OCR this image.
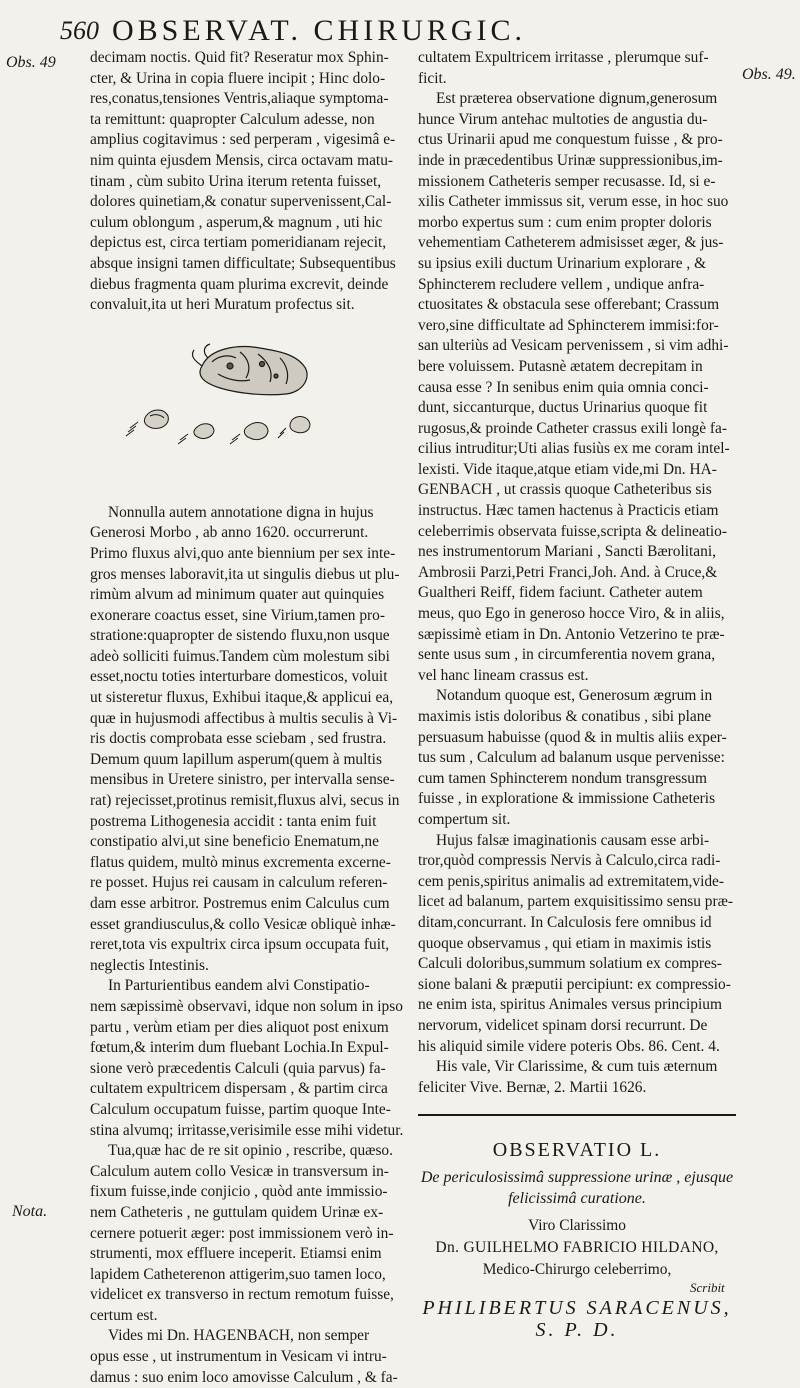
560 OBSERVAT. CHIRURGIC.
Obs. 49
Obs. 49.
Nota.

decimam noctis. Quid fit? Reseratur mox Sphin-
cter, & Urina in copia fluere incipit ; Hinc dolo-
res,conatus,tensiones Ventris,aliaque symptoma-
ta remittunt: quapropter Calculum adesse, non
amplius cogitavimus : sed perperam , vigesimâ e-
nim quinta ejusdem Mensis, circa octavam matu-
tinam , cùm subito Urina iterum retenta fuisset,
dolores quinetiam,& conatur supervenissent,Cal-
culum oblongum , asperum,& magnum , uti hic
depictus est, circa tertiam pomeridianam rejecit,
absque insigni tamen difficultate; Subsequentibus
diebus fragmenta quam plurima excrevit, deinde
convaluit,ita ut heri Muratum profectus sit.

Nonnulla autem annotatione digna in hujus
Generosi Morbo , ab anno 1620. occurrerunt.
Primo fluxus alvi,quo ante biennium per sex inte-
gros menses laboravit,ita ut singulis diebus ut plu-
rimùm alvum ad minimum quater aut quinquies
exonerare coactus esset, sine Virium,tamen pro-
stratione:quapropter de sistendo fluxu,non usque
adeò solliciti fuimus.Tandem cùm molestum sibi
esset,noctu toties interturbare domesticos, voluit
ut sisteretur fluxus, Exhibui itaque,& applicui ea,
quæ in hujusmodi affectibus à multis seculis à Vi-
ris doctis comprobata esse sciebam , sed frustra.
Demum quum lapillum asperum(quem à multis
mensibus in Uretere sinistro, per intervalla sense-
rat) rejecisset,protinus remisit,fluxus alvi, secus in
postrema Lithogenesia accidit : tanta enim fuit
constipatio alvi,ut sine beneficio Enematum,ne
flatus quidem, multò minus excrementa excerne-
re posset. Hujus rei causam in calculum referen-
dam esse arbitror. Postremus enim Calculus cum
esset grandiusculus,& collo Vesicæ obliquè inhæ-
reret,tota vis expultrix circa ipsum occupata fuit,
neglectis Intestinis.

In Parturientibus eandem alvi Constipatio-
nem sæpissimè observavi, idque non solum in ipso
partu , verùm etiam per dies aliquot post enixum
fœtum,& interim dum fluebant Lochia.In Expul-
sione verò præcedentis Calculi (quia parvus) fa-
cultatem expultricem dispersam , & partim circa
Calculum occupatum fuisse, partim quoque Inte-
stina alvumq; irritasse,verisimile esse mihi videtur.

Tua,quæ hac de re sit opinio , rescribe, quæso.
Calculum autem collo Vesicæ in transversum in-
fixum fuisse,inde conjicio , quòd ante immissio-
nem Catheteris , ne guttulam quidem Urinæ ex-
cernere potuerit æger: post immissionem verò in-
strumenti, mox effluere inceperit. Etiamsi enim
lapidem Catheterenon attigerim,suo tamen loco,
videlicet ex transverso in rectum remotum fuisse,
certum est.

Vides mi Dn. HAGENBACH, non semper
opus esse , ut instrumentum in Vesicam vi intru-
damus : suo enim loco amovisse Calculum , & fa-

cultatem Expultricem irritasse , plerumque suf-
ficit.

Est præterea observatione dignum,generosum
hunce Virum antehac multoties de angustia du-
ctus Urinarii apud me conquestum fuisse , & pro-
inde in præcedentibus Urinæ suppressionibus,im-
missionem Catheteris semper recusasse. Id, si e-
xilis Catheter immissus sit, verum esse, in hoc suo
morbo expertus sum : cum enim propter doloris
vehementiam Catheterem admisisset æger, & jus-
su ipsius exili ductum Urinarium explorare , &
Sphincterem recludere vellem , undique anfra-
ctuositates & obstacula sese offerebant; Crassum
vero,sine difficultate ad Sphincterem immisi:for-
san ulteriùs ad Vesicam pervenissem , si vim adhi-
bere voluissem. Putasnè ætatem decrepitam in
causa esse ? In senibus enim quia omnia conci-
dunt, siccanturque, ductus Urinarius quoque fit
rugosus,& proinde Catheter crassus exili longè fa-
cilius intruditur;Uti alias fusiùs ex me coram intel-
lexisti. Vide itaque,atque etiam vide,mi Dn. HA-
GENBACH , ut crassis quoque Catheteribus sis
instructus. Hæc tamen hactenus à Practicis etiam
celeberrimis observata fuisse,scripta & delineatio-
nes instrumentorum Mariani , Sancti Bærolitani,
Ambrosii Parzi,Petri Franci,Joh. And. à Cruce,&
Gualtheri Reiff, fidem faciunt. Catheter autem
meus, quo Ego in generoso hocce Viro, & in aliis,
sæpissimè etiam in Dn. Antonio Vetzerino te præ-
sente usus sum , in circumferentia novem grana,
vel hanc lineam crassus est.

Notandum quoque est, Generosum ægrum in
maximis istis doloribus & conatibus , sibi plane
persuasum habuisse (quod & in multis aliis exper-
tus sum , Calculum ad balanum usque pervenisse:
cum tamen Sphincterem nondum transgressum
fuisse , in exploratione & immissione Catheteris
compertum sit.

Hujus falsæ imaginationis causam esse arbi-
tror,quòd compressis Nervis à Calculo,circa radi-
cem penis,spiritus animalis ad extremitatem,vide-
licet ad balanum, partem exquisitissimo sensu præ-
ditam,concurrant. In Calculosis fere omnibus id
quoque observamus , qui etiam in maximis istis
Calculi doloribus,summum solatium ex compres-
sione balani & præputii percipiunt: ex compressio-
ne enim ista, spiritus Animales versus principium
nervorum, videlicet spinam dorsi recurrunt. De
his aliquid simile videre poteris Obs. 86. Cent. 4.

His vale, Vir Clarissime, & cum tuis æternum
feliciter Vive. Bernæ, 2. Martii 1626.

OBSERVATIO L.
De periculosissimâ suppressione urinæ , ejusque
felicissimâ curatione.
Viro Clarissimo
Dn. GUILHELMO FABRICIO HILDANO,
Medico-Chirurgo celeberrimo,
PHILIBERTUS SARACENUS,
S. P. D.
Scribit
